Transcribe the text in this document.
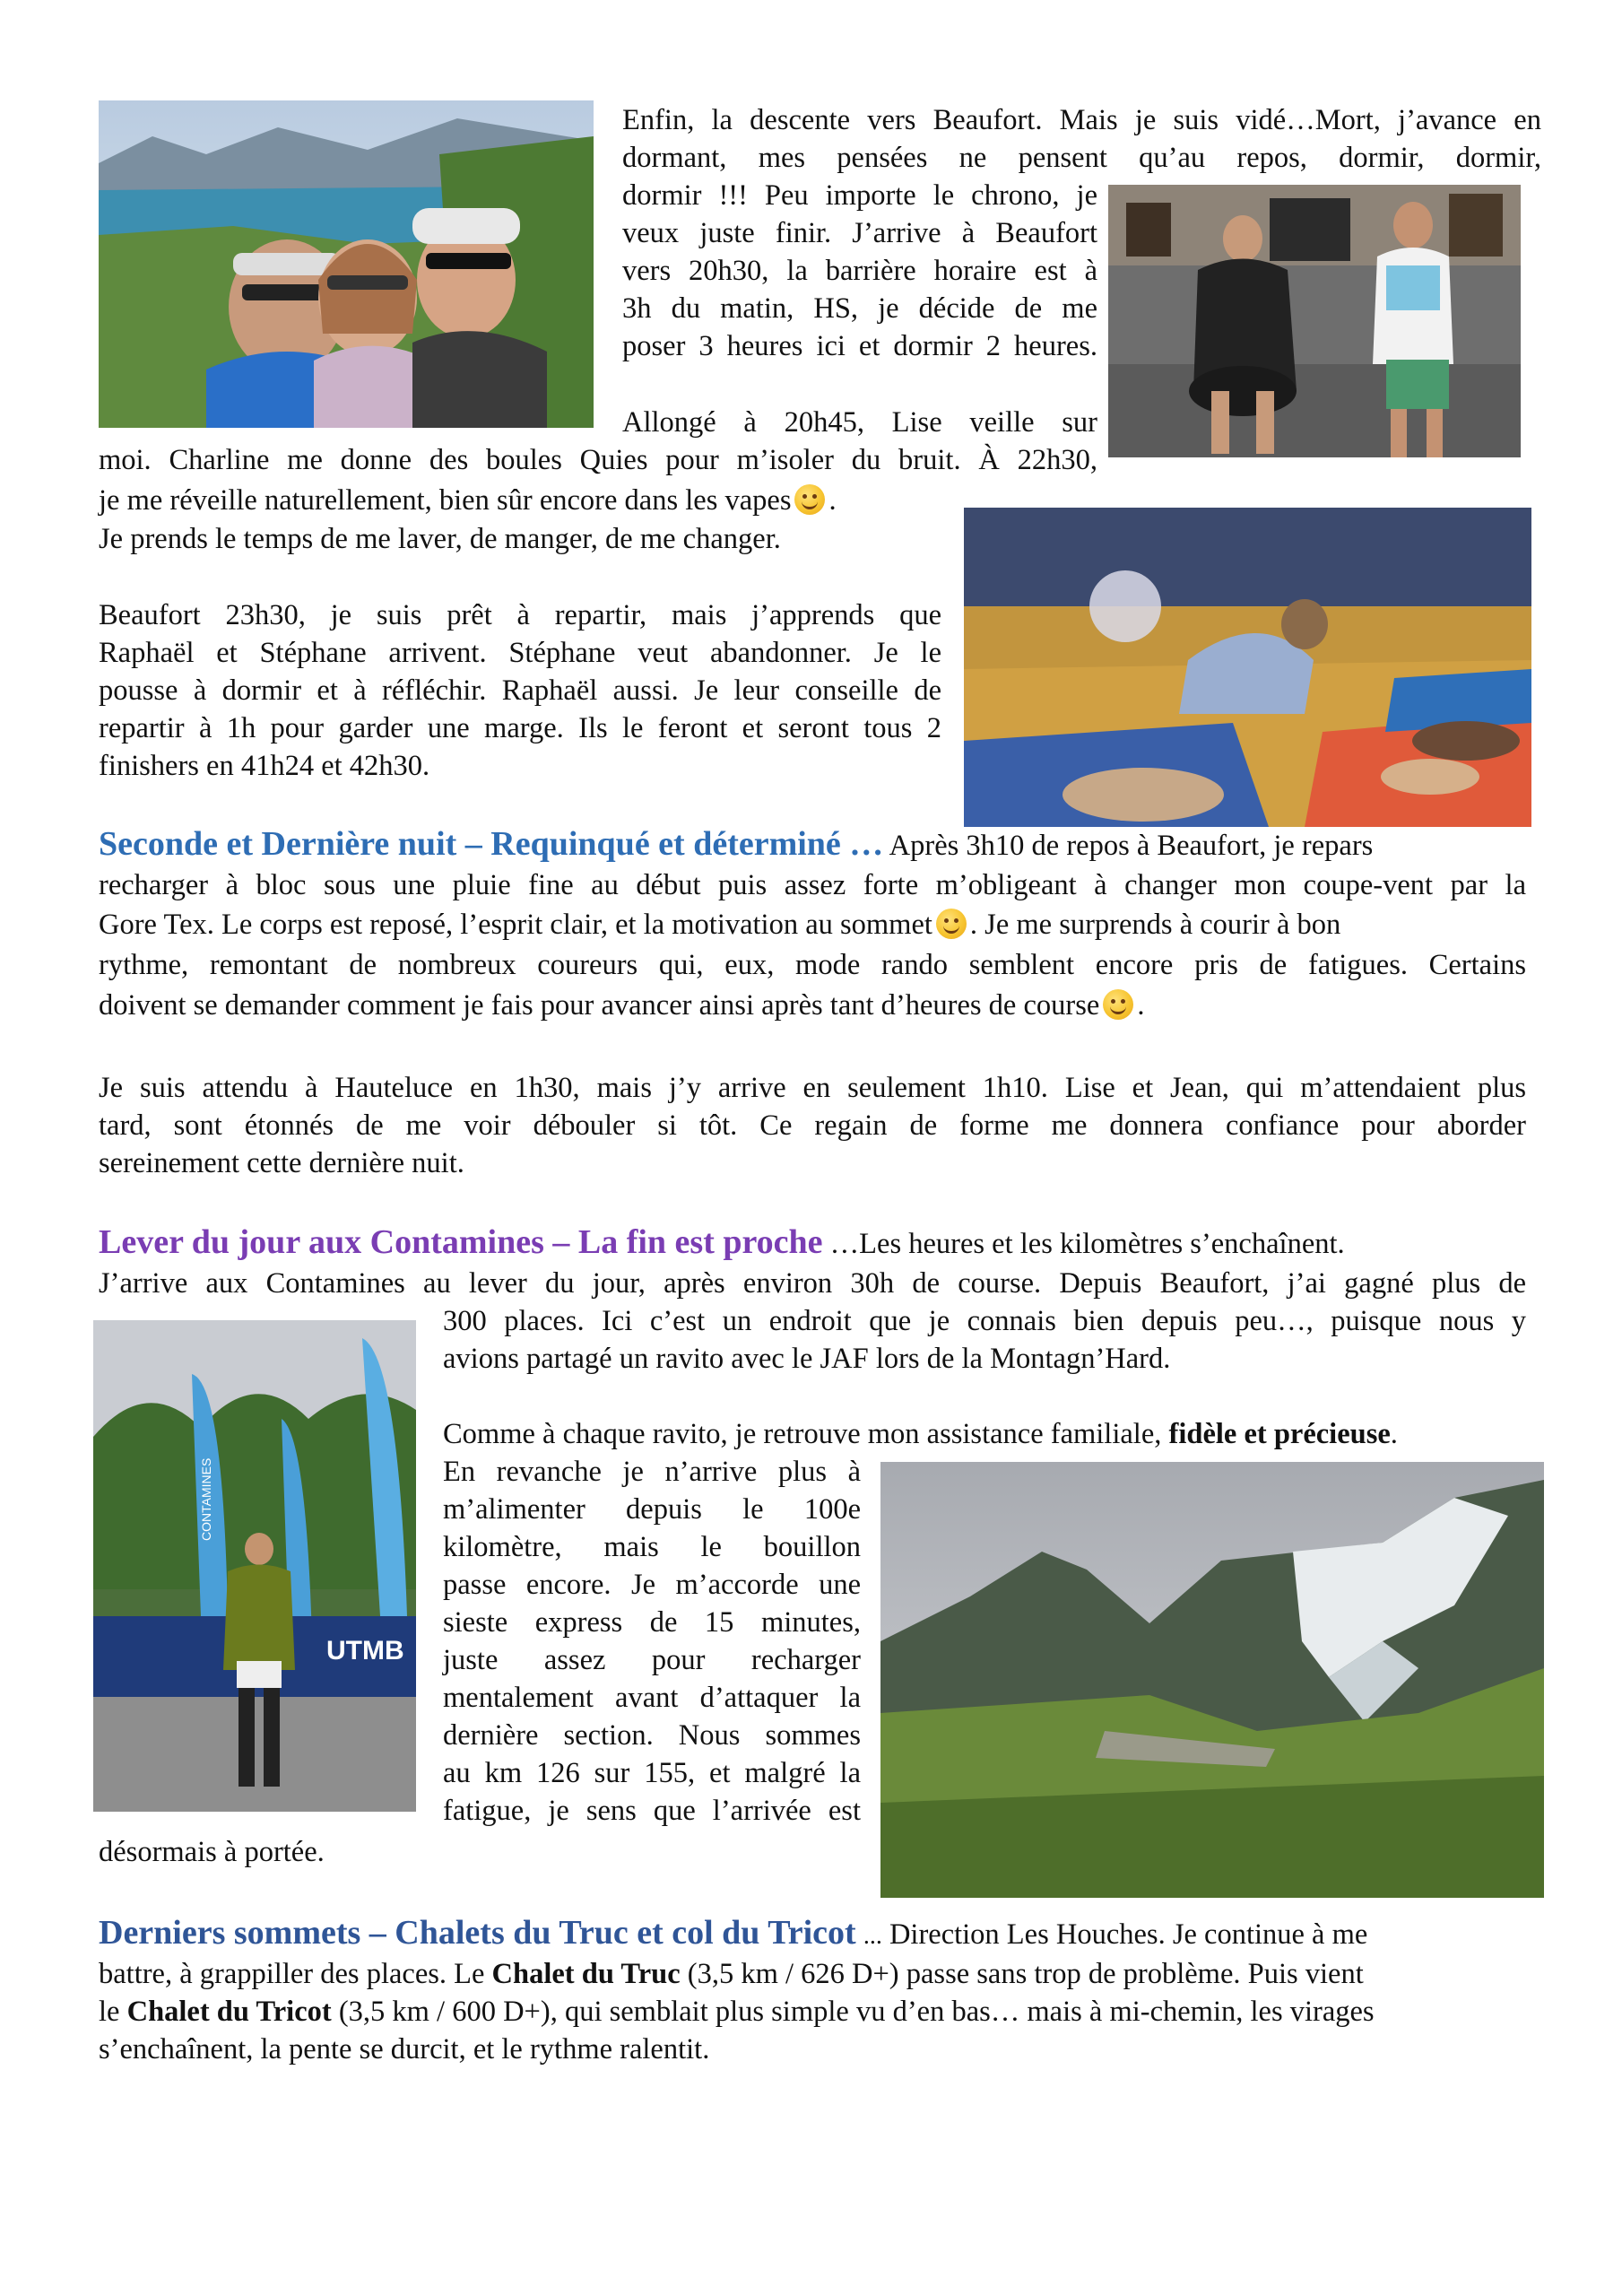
CONTAMINES
UTMB

Enfin, la descente vers Beaufort. Mais je suis vidé…Mort, j’avance en

dormant, mes pensées ne pensent qu’au repos, dormir, dormir,

dormir !!! Peu importe le chrono, je

veux juste finir. J’arrive à Beaufort

vers 20h30, la barrière horaire est à

3h du matin, HS, je décide de me

poser 3 heures ici et dormir 2 heures.

Allongé à 20h45, Lise veille sur

moi. Charline me donne des boules Quies pour m’isoler du bruit. À 22h30,

je me réveille naturellement, bien sûr encore dans les vapes .

Je prends le temps de me laver, de manger, de me changer.

Beaufort 23h30, je suis prêt à repartir, mais j’apprends que

Raphaël et Stéphane arrivent. Stéphane veut abandonner. Je le

pousse à dormir et à réfléchir. Raphaël aussi. Je leur conseille de

repartir à 1h pour garder une marge. Ils le feront et seront tous 2

finishers en 41h24 et 42h30.

Seconde et Dernière nuit – Requinqué et déterminé … Après 3h10 de repos à Beaufort, je repars

recharger à bloc sous une pluie fine au début puis assez forte m’obligeant à changer mon coupe-vent par la

Gore Tex. Le corps est reposé, l’esprit clair, et la motivation au sommet . Je me surprends à courir à bon

rythme, remontant de nombreux coureurs qui, eux, mode rando semblent encore pris de fatigues. Certains

doivent se demander comment je fais pour avancer ainsi après tant d’heures de course .

Je suis attendu à Hauteluce en 1h30, mais j’y arrive en seulement 1h10. Lise et Jean, qui m’attendaient plus

tard, sont étonnés de me voir débouler si tôt. Ce regain de forme me donnera confiance pour aborder

sereinement cette dernière nuit.

Lever du jour aux Contamines – La fin est proche …Les heures et les kilomètres s’enchaînent.

J’arrive aux Contamines au lever du jour, après environ 30h de course. Depuis Beaufort, j’ai gagné plus de

300 places. Ici c’est un endroit que je connais bien depuis peu…, puisque nous y

avions partagé un ravito avec le JAF lors de la Montagn’Hard.

Comme à chaque ravito, je retrouve mon assistance familiale, fidèle et précieuse.

En revanche je n’arrive plus à

m’alimenter depuis le 100e

kilomètre, mais le bouillon

passe encore. Je m’accorde une

sieste express de 15 minutes,

juste assez pour recharger

mentalement avant d’attaquer la

dernière section. Nous sommes

au km 126 sur 155, et malgré la

fatigue, je sens que l’arrivée est

désormais à portée.

Derniers sommets – Chalets du Truc et col du Tricot ... Direction Les Houches. Je continue à me

battre, à grappiller des places. Le Chalet du Truc (3,5 km / 626 D+) passe sans trop de problème. Puis vient

le Chalet du Tricot (3,5 km / 600 D+), qui semblait plus simple vu d’en bas… mais à mi-chemin, les virages

s’enchaînent, la pente se durcit, et le rythme ralentit.
